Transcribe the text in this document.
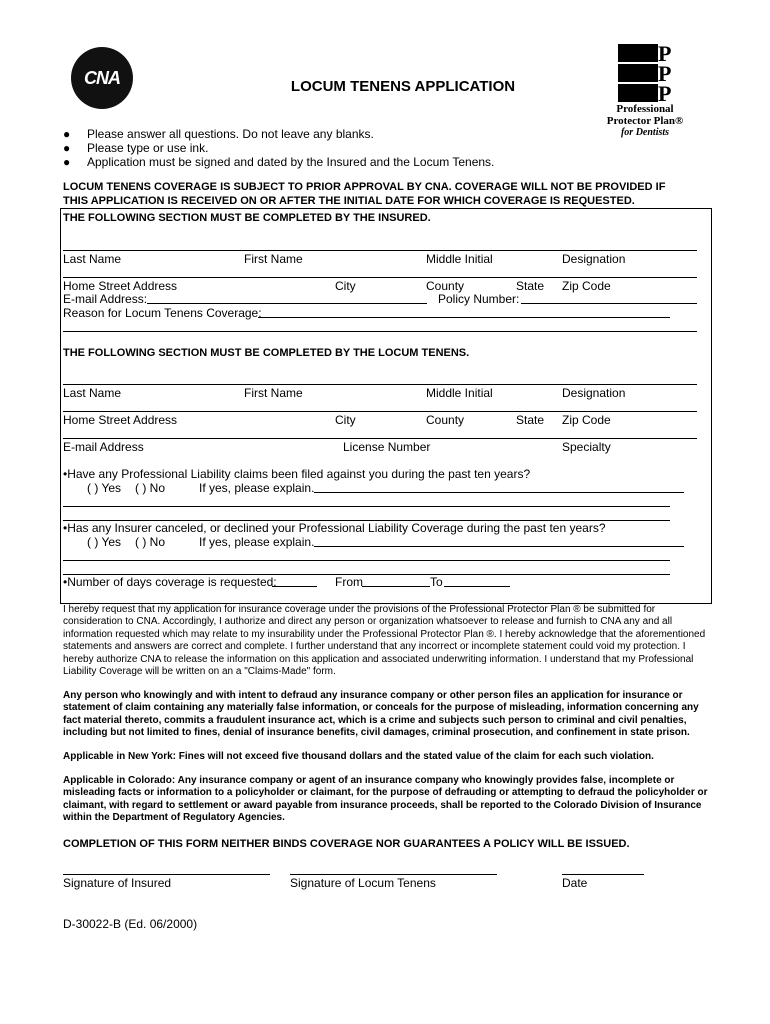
CNA	LOCUM TENENS APPLICATION
P
P
P
Professional
Protector Plan®
for Dentists
● Please answer all questions. Do not leave any blanks.
● Please type or use ink.
● Application must be signed and dated by the Insured and the Locum Tenens.
LOCUM TENENS COVERAGE IS SUBJECT TO PRIOR APPROVAL BY CNA. COVERAGE WILL NOT BE PROVIDED IF
THIS APPLICATION IS RECEIVED ON OR AFTER THE INITIAL DATE FOR WHICH COVERAGE IS REQUESTED.
THE FOLLOWING SECTION MUST BE COMPLETED BY THE INSURED.
Last Name	First Name	Middle Initial	Designation
Home Street Address	City	County	State Zip Code
E-mail Address:	Policy Number:
Reason for Locum Tenens Coverage:
THE FOLLOWING SECTION MUST BE COMPLETED BY THE LOCUM TENENS.
Last Name	First Name	Middle Initial	Designation
Home Street Address	City	County	State Zip Code
E-mail Address	License Number	Specialty
•Have any Professional Liability claims been filed against you during the past ten years?
( ) Yes ( ) No	If yes, please explain.
•Has any Insurer canceled, or declined your Professional Liability Coverage during the past ten years?
( ) Yes ( ) No	If yes, please explain.
•Number of days coverage is requested:	From	To
I hereby request that my application for insurance coverage under the provisions of the Professional Protector Plan ® be submitted for consideration to CNA. Accordingly, I authorize and direct any person or organization whatsoever to release and furnish to CNA any and all information requested which may relate to my insurability under the Professional Protector Plan ®. I hereby acknowledge that the aforementioned statements and answers are correct and complete. I further understand that any incorrect or incomplete statement could void my protection. I hereby authorize CNA to release the information on this application and associated underwriting information. I understand that my Professional Liability Coverage will be written on an a "Claims-Made" form.
Any person who knowingly and with intent to defraud any insurance company or other person files an application for insurance or statement of claim containing any materially false information, or conceals for the purpose of misleading, information concerning any fact material thereto, commits a fraudulent insurance act, which is a crime and subjects such person to criminal and civil penalties, including but not limited to fines, denial of insurance benefits, civil damages, criminal prosecution, and confinement in state prison.
Applicable in New York: Fines will not exceed five thousand dollars and the stated value of the claim for each such violation.
Applicable in Colorado: Any insurance company or agent of an insurance company who knowingly provides false, incomplete or misleading facts or information to a policyholder or claimant, for the purpose of defrauding or attempting to defraud the policyholder or claimant, with regard to settlement or award payable from insurance proceeds, shall be reported to the Colorado Division of Insurance within the Department of Regulatory Agencies.
COMPLETION OF THIS FORM NEITHER BINDS COVERAGE NOR GUARANTEES A POLICY WILL BE ISSUED.
Signature of Insured	Signature of Locum Tenens	Date
D-30022-B (Ed. 06/2000)
